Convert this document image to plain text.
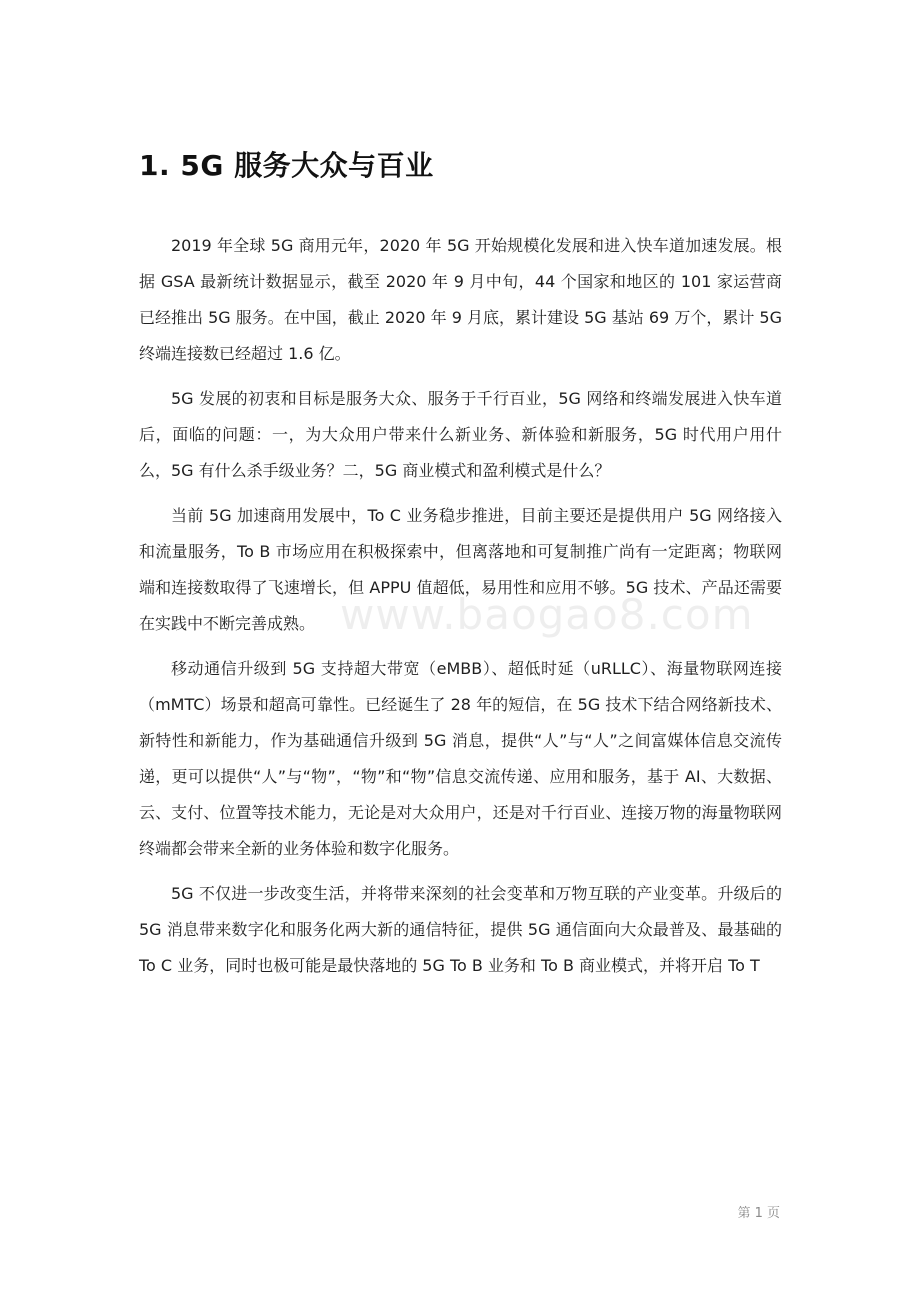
1. 5G 服务大众与百业

2019 年全球 5G 商用元年，2020 年 5G 开始规模化发展和进入快车道加速发展。根据 GSA 最新统计数据显示，截至 2020 年 9 月中旬，44 个国家和地区的 101 家运营商已经推出 5G 服务。在中国，截止 2020 年 9 月底，累计建设 5G 基站 69 万个，累计 5G 终端连接数已经超过 1.6 亿。

5G 发展的初衷和目标是服务大众、服务于千行百业，5G 网络和终端发展进入快车道后，面临的问题：一，为大众用户带来什么新业务、新体验和新服务，5G 时代用户用什么，5G 有什么杀手级业务？二，5G 商业模式和盈利模式是什么？

当前 5G 加速商用发展中，To C 业务稳步推进，目前主要还是提供用户 5G 网络接入和流量服务，To B 市场应用在积极探索中，但离落地和可复制推广尚有一定距离；物联网端和连接数取得了飞速增长，但 APPU 值超低，易用性和应用不够。5G 技术、产品还需要在实践中不断完善成熟。

移动通信升级到 5G 支持超大带宽（eMBB）、超低时延（uRLLC）、海量物联网连接（mMTC）场景和超高可靠性。已经诞生了 28 年的短信，在 5G 技术下结合网络新技术、新特性和新能力，作为基础通信升级到 5G 消息，提供“人”与“人”之间富媒体信息交流传递，更可以提供“人”与“物”，“物”和“物”信息交流传递、应用和服务，基于 AI、大数据、云、支付、位置等技术能力，无论是对大众用户，还是对千行百业、连接万物的海量物联网终端都会带来全新的业务体验和数字化服务。

5G 不仅进一步改变生活，并将带来深刻的社会变革和万物互联的产业变革。升级后的 5G 消息带来数字化和服务化两大新的通信特征，提供 5G 通信面向大众最普及、最基础的 To C 业务，同时也极可能是最快落地的 5G To B 业务和 To B 商业模式，并将开启 To T

www.baogao8.com
第 1 页
